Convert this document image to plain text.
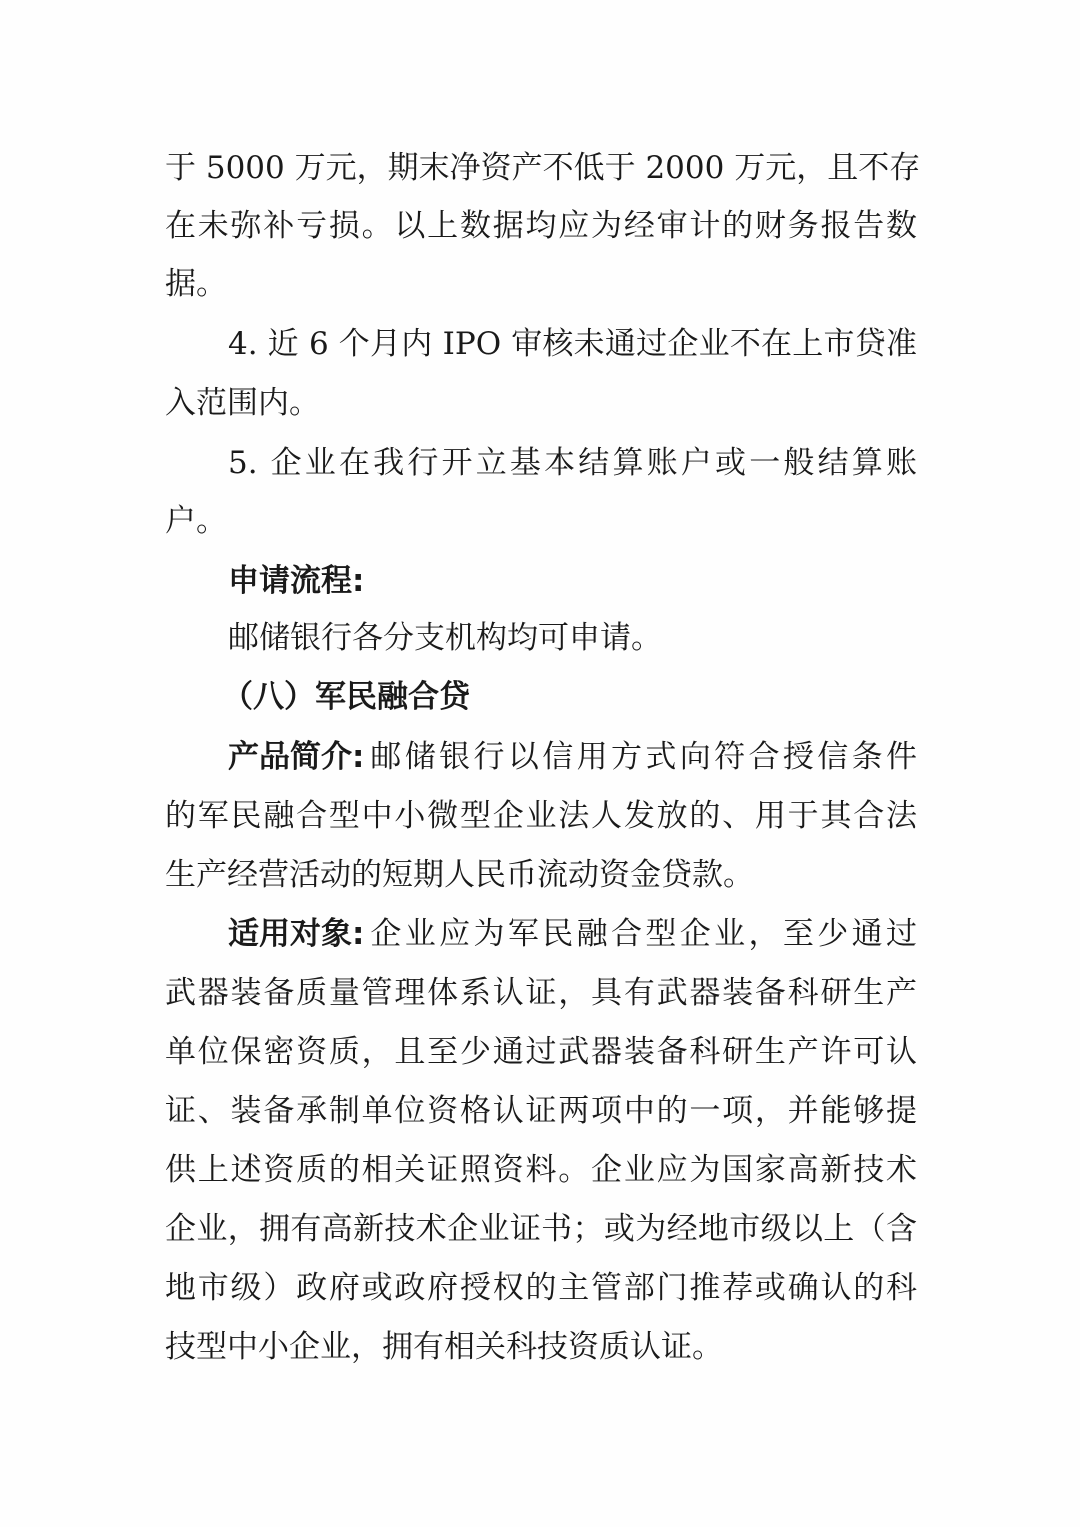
于 5000 万元，期末净资产不低于 2000 万元，且不存
在未弥补亏损。以上数据均应为经审计的财务报告数
据。
4. 近 6 个月内 IPO 审核未通过企业不在上市贷准
入范围内。
5. 企业在我行开立基本结算账户或一般结算账
户。
申请流程:
邮储银行各分支机构均可申请。
（八）军民融合贷
产品简介: 邮储银行以信用方式向符合授信条件
的军民融合型中小微型企业法人发放的、用于其合法
生产经营活动的短期人民币流动资金贷款。
适用对象: 企业应为军民融合型企业，至少通过
武器装备质量管理体系认证，具有武器装备科研生产
单位保密资质，且至少通过武器装备科研生产许可认
证、装备承制单位资格认证两项中的一项，并能够提
供上述资质的相关证照资料。企业应为国家高新技术
企业，拥有高新技术企业证书；或为经地市级以上（含
地市级）政府或政府授权的主管部门推荐或确认的科
技型中小企业，拥有相关科技资质认证。
